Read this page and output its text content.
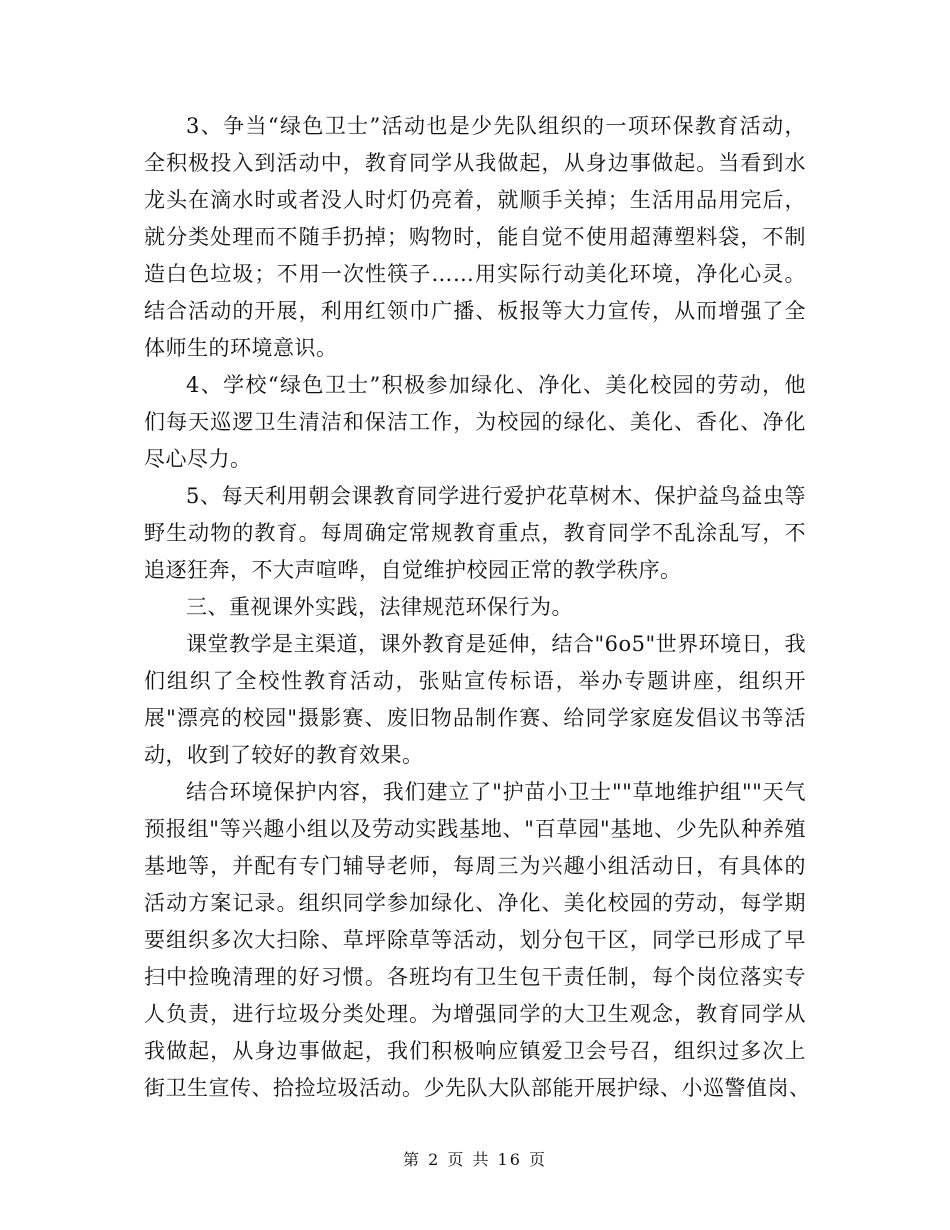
3、争当“绿色卫士”活动也是少先队组织的一项环保教育活动，
全积极投入到活动中，教育同学从我做起，从身边事做起。当看到水
龙头在滴水时或者没人时灯仍亮着，就顺手关掉；生活用品用完后，
就分类处理而不随手扔掉；购物时，能自觉不使用超薄塑料袋，不制
造白色垃圾；不用一次性筷子……用实际行动美化环境，净化心灵。
结合活动的开展，利用红领巾广播、板报等大力宣传，从而增强了全
体师生的环境意识。
4、学校“绿色卫士”积极参加绿化、净化、美化校园的劳动，他
们每天巡逻卫生清洁和保洁工作，为校园的绿化、美化、香化、净化
尽心尽力。
5、每天利用朝会课教育同学进行爱护花草树木、保护益鸟益虫等
野生动物的教育。每周确定常规教育重点，教育同学不乱涂乱写，不
追逐狂奔，不大声喧哗，自觉维护校园正常的教学秩序。
三、重视课外实践，法律规范环保行为。
课堂教学是主渠道，课外教育是延伸，结合"6o5"世界环境日，我
们组织了全校性教育活动，张贴宣传标语，举办专题讲座，组织开
展"漂亮的校园"摄影赛、废旧物品制作赛、给同学家庭发倡议书等活
动，收到了较好的教育效果。
结合环境保护内容，我们建立了"护苗小卫士""草地维护组""天气
预报组"等兴趣小组以及劳动实践基地、"百草园"基地、少先队种养殖
基地等，并配有专门辅导老师，每周三为兴趣小组活动日，有具体的
活动方案记录。组织同学参加绿化、净化、美化校园的劳动，每学期
要组织多次大扫除、草坪除草等活动，划分包干区，同学已形成了早
扫中捡晚清理的好习惯。各班均有卫生包干责任制，每个岗位落实专
人负责，进行垃圾分类处理。为增强同学的大卫生观念，教育同学从
我做起，从身边事做起，我们积极响应镇爱卫会号召，组织过多次上
街卫生宣传、拾捡垃圾活动。少先队大队部能开展护绿、小巡警值岗、
第 2 页 共 16 页
